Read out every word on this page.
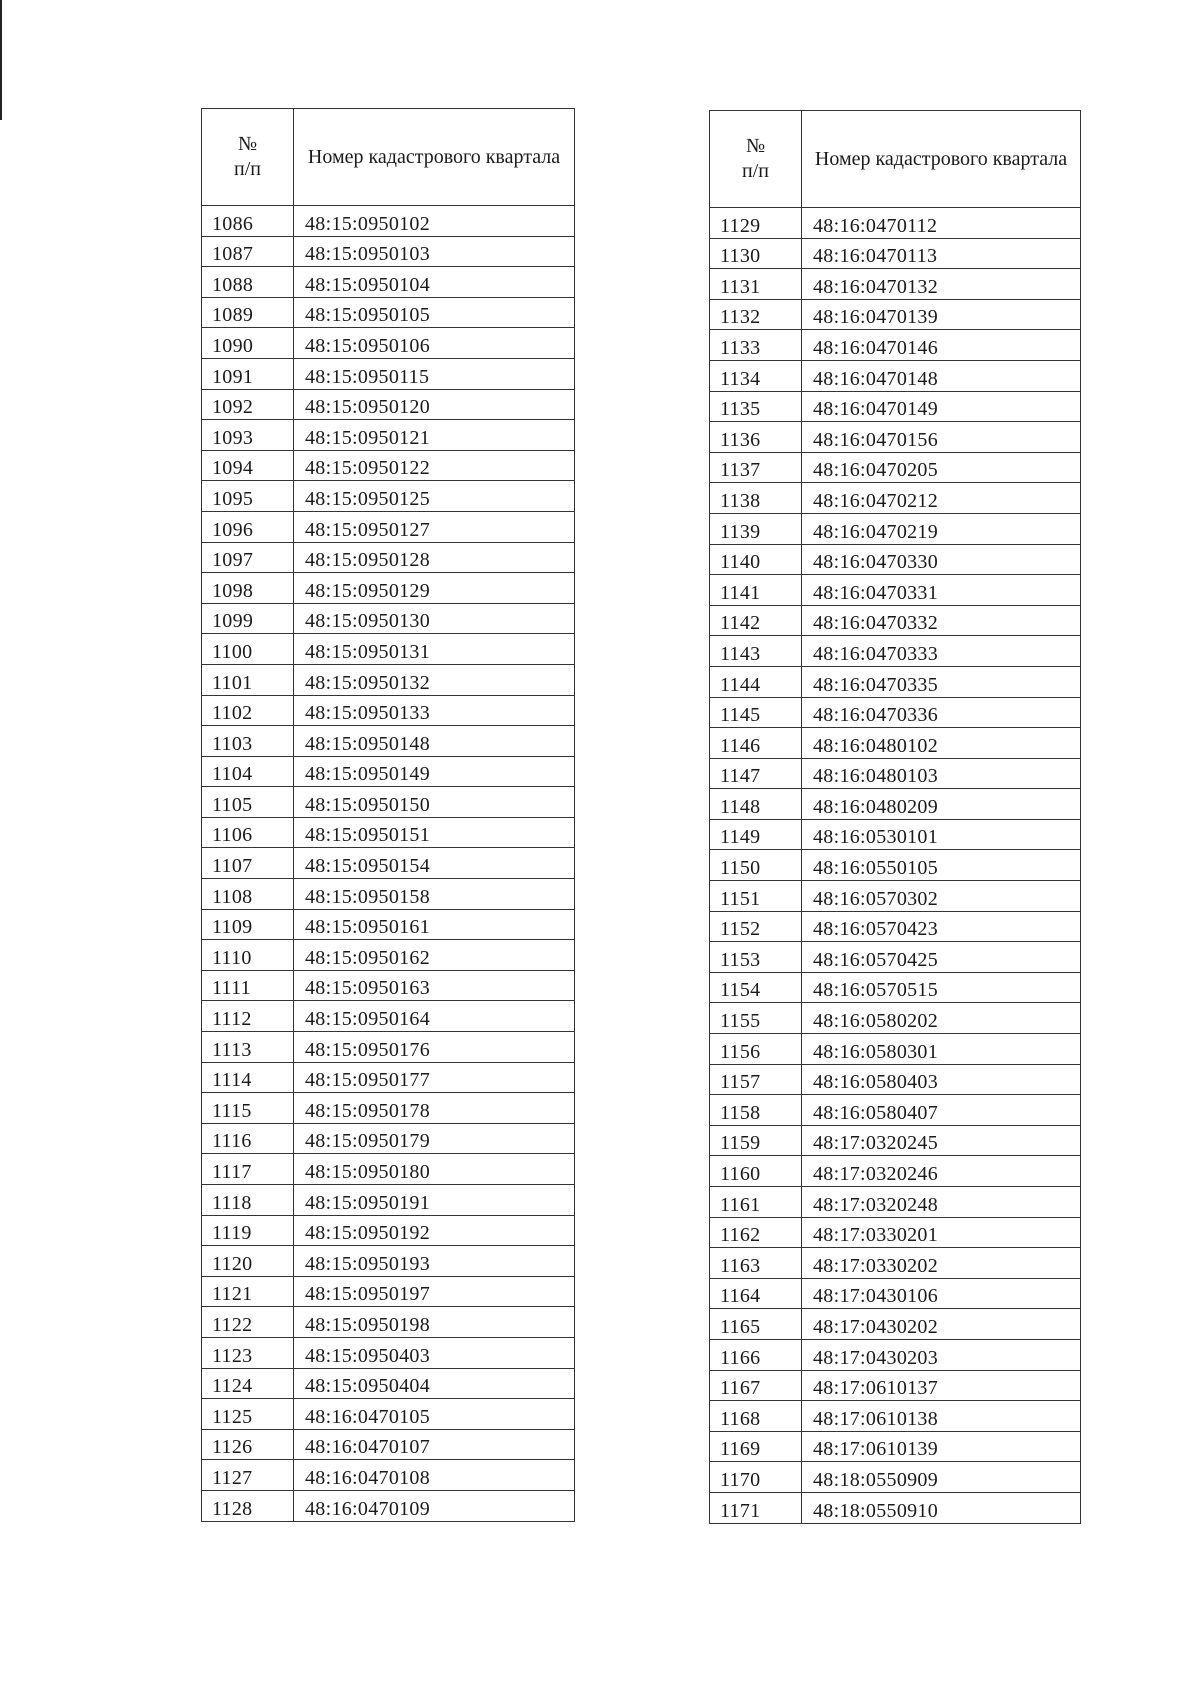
№
п/п	Номер кадастрового квартала
1086	48:15:0950102
1087	48:15:0950103
1088	48:15:0950104
1089	48:15:0950105
1090	48:15:0950106
1091	48:15:0950115
1092	48:15:0950120
1093	48:15:0950121
1094	48:15:0950122
1095	48:15:0950125
1096	48:15:0950127
1097	48:15:0950128
1098	48:15:0950129
1099	48:15:0950130
1100	48:15:0950131
1101	48:15:0950132
1102	48:15:0950133
1103	48:15:0950148
1104	48:15:0950149
1105	48:15:0950150
1106	48:15:0950151
1107	48:15:0950154
1108	48:15:0950158
1109	48:15:0950161
1110	48:15:0950162
1111	48:15:0950163
1112	48:15:0950164
1113	48:15:0950176
1114	48:15:0950177
1115	48:15:0950178
1116	48:15:0950179
1117	48:15:0950180
1118	48:15:0950191
1119	48:15:0950192
1120	48:15:0950193
1121	48:15:0950197
1122	48:15:0950198
1123	48:15:0950403
1124	48:15:0950404
1125	48:16:0470105
1126	48:16:0470107
1127	48:16:0470108
1128	48:16:0470109
№
п/п	Номер кадастрового квартала
1129	48:16:0470112
1130	48:16:0470113
1131	48:16:0470132
1132	48:16:0470139
1133	48:16:0470146
1134	48:16:0470148
1135	48:16:0470149
1136	48:16:0470156
1137	48:16:0470205
1138	48:16:0470212
1139	48:16:0470219
1140	48:16:0470330
1141	48:16:0470331
1142	48:16:0470332
1143	48:16:0470333
1144	48:16:0470335
1145	48:16:0470336
1146	48:16:0480102
1147	48:16:0480103
1148	48:16:0480209
1149	48:16:0530101
1150	48:16:0550105
1151	48:16:0570302
1152	48:16:0570423
1153	48:16:0570425
1154	48:16:0570515
1155	48:16:0580202
1156	48:16:0580301
1157	48:16:0580403
1158	48:16:0580407
1159	48:17:0320245
1160	48:17:0320246
1161	48:17:0320248
1162	48:17:0330201
1163	48:17:0330202
1164	48:17:0430106
1165	48:17:0430202
1166	48:17:0430203
1167	48:17:0610137
1168	48:17:0610138
1169	48:17:0610139
1170	48:18:0550909
1171	48:18:0550910
